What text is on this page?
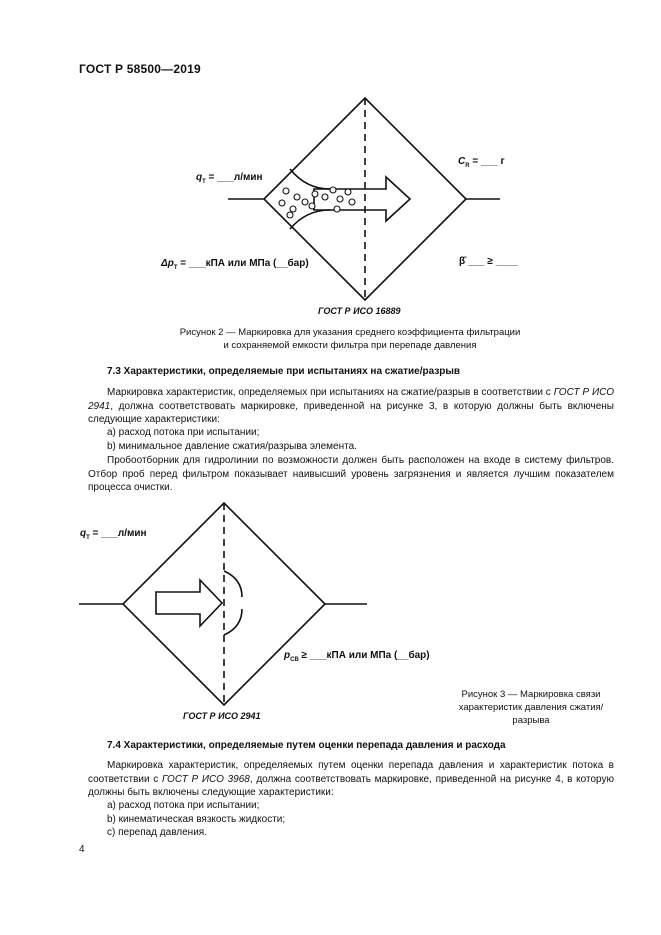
ГОСТ Р 58500—2019
$q_T$ = ___л/мин
$C_R$ = ___ г
$\Delta p_T$ = ___кПА или МПа (__бар)	β̄ ___ ≥ ____
ГОСТ Р ИСО 16889
Рисунок 2 — Маркировка для указания среднего коэффициента фильтрации
и сохраняемой емкости фильтра при перепаде давления
7.3 Характеристики, определяемые при испытаниях на сжатие/разрыв
Маркировка характеристик, определяемых при испытаниях на сжатие/разрыв в соответствии с ГОСТ Р ИСО 2941, должна соответствовать маркировке, приведенной на рисунке 3, в которую должны быть включены следующие характеристики:
a) расход потока при испытании;
b) минимальное давление сжатия/разрыва элемента.
Пробоотборник для гидролинии по возможности должен быть расположен на входе в систему фильтров. Отбор проб перед фильтром показывает наивысший уровень загрязнения и является лучшим показателем процесса очистки.
$q_T$ = ___л/мин
$p_{CB}$ ≥ ___кПА или МПа (__бар)
ГОСТ Р ИСО 2941
Рисунок 3 — Маркировка связи характеристик давления сжатия/разрыва
7.4 Характеристики, определяемые путем оценки перепада давления и расхода
Маркировка характеристик, определяемых путем оценки перепада давления и характеристик потока в соответствии с ГОСТ Р ИСО 3968, должна соответствовать маркировке, приведенной на рисунке 4, в которую должны быть включены следующие характеристики:
a) расход потока при испытании;
b) кинематическая вязкость жидкости;
c) перепад давления.
4
